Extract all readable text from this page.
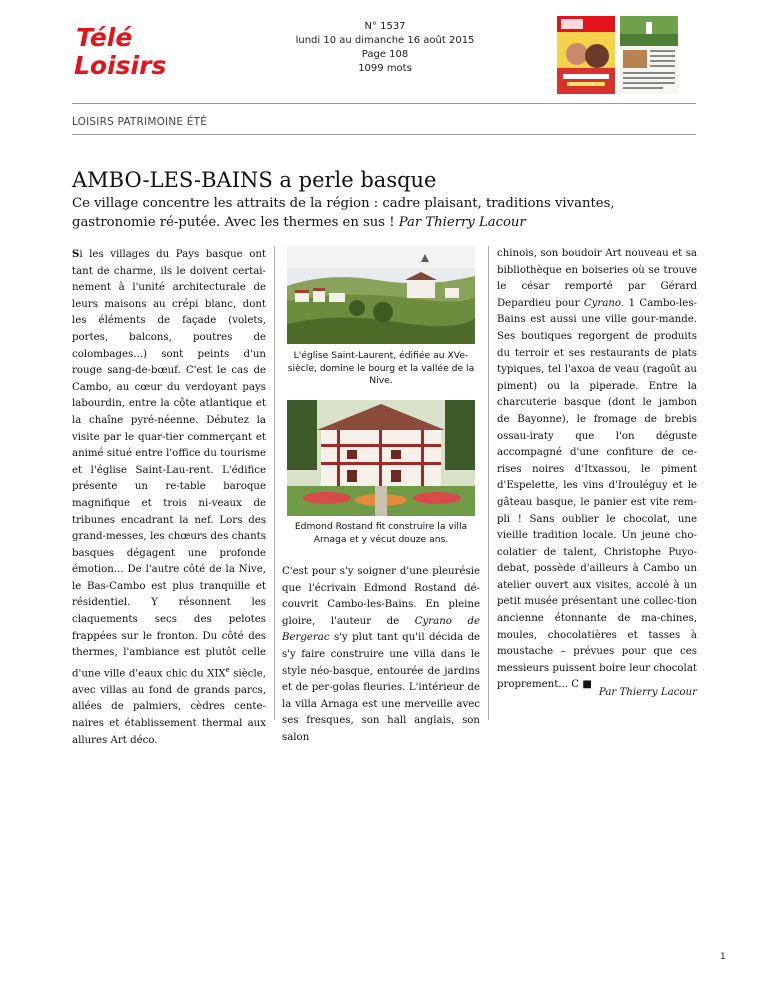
Télé
Loisirs
N° 1537
lundi 10 au dimanche 16 août 2015
Page 108
1099 mots
LOISIRS PATRIMOINE ÉTÉ
AMBO-LES-BAINS a perle basque
Ce village concentre les attraits de la région : cadre plaisant, traditions vivantes, gastronomie ré-putée. Avec les thermes en sus ! Par Thierry Lacour
Si les villages du Pays basque ont tant de charme, ils le doivent certai-nement à l'unité architecturale de leurs maisons au crépi blanc, dont les éléments de façade (volets, portes, balcons, poutres de colombages...) sont peints d'un rouge sang-de-bœuf. C'est le cas de Cambo, au cœur du verdoyant pays labourdin, entre la côte atlantique et la chaîne pyré-néenne. Débutez la visite par le quar-tier commerçant et animé situé entre l'office du tourisme et l'église Saint-Lau-rent. L'édifice présente un re-table baroque magnifique et trois ni-veaux de tribunes encadrant la nef. Lors des grand-messes, les chœurs des chants basques dégagent une profonde émotion... De l'autre côté de la Nive, le Bas-Cambo est plus tranquille et résidentiel. Y résonnent les claquements secs des pelotes frappées sur le fronton. Du côté des thermes, l'ambiance est plutôt celle d'une ville d'eaux chic du XIXe siècle, avec villas au fond de grands parcs, allées de palmiers, cèdres cente-naires et établissement thermal aux allures Art déco.
L'église Saint-Laurent, édifiée au XVe-siècle, domine le bourg et la vallée de la Nive.
Edmond Rostand fit construire la villa Arnaga et y vécut douze ans.
C'est pour s'y soigner d'une pleurésie que l'écrivain Edmond Rostand dé-couvrit Cambo-les-Bains. En pleine gloire, l'auteur de Cyrano de Bergerac s'y plut tant qu'il décida de s'y faire construire une villa dans le style néo-basque, entourée de jardins et de per-golas fleuries. L'intérieur de la villa Arnaga est une merveille avec ses fresques, son hall anglais, son salon
chinois, son boudoir Art nouveau et sa bibliothèque en boiseries où se trouve le césar remporté par Gérard Depardieu pour Cyrano. 1 Cambo-les-Bains est aussi une ville gour-mande. Ses boutiques regorgent de produits du terroir et ses restaurants de plats typiques, tel l'axoa de veau (ragoût au piment) ou la piperade. Entre la charcuterie basque (dont le jambon de Bayonne), le fromage de brebis ossau-iraty que l'on déguste accompagné d'une confiture de ce-rises noires d'Itxassou, le piment d'Espelette, les vins d'Irouléguy et le gâteau basque, le panier est vite rem-pli ! Sans oublier le chocolat, une vieille tradition locale. Un jeune cho-colatier de talent, Christophe Puyo-debat, possède d'ailleurs à Cambo un atelier ouvert aux visites, accolé à un petit musée présentant une collec-tion ancienne étonnante de ma-chines, moules, chocolatières et tasses à moustache – prévues pour que ces messieurs puissent boire leur chocolat proprement... C ■
Par Thierry Lacour
1
